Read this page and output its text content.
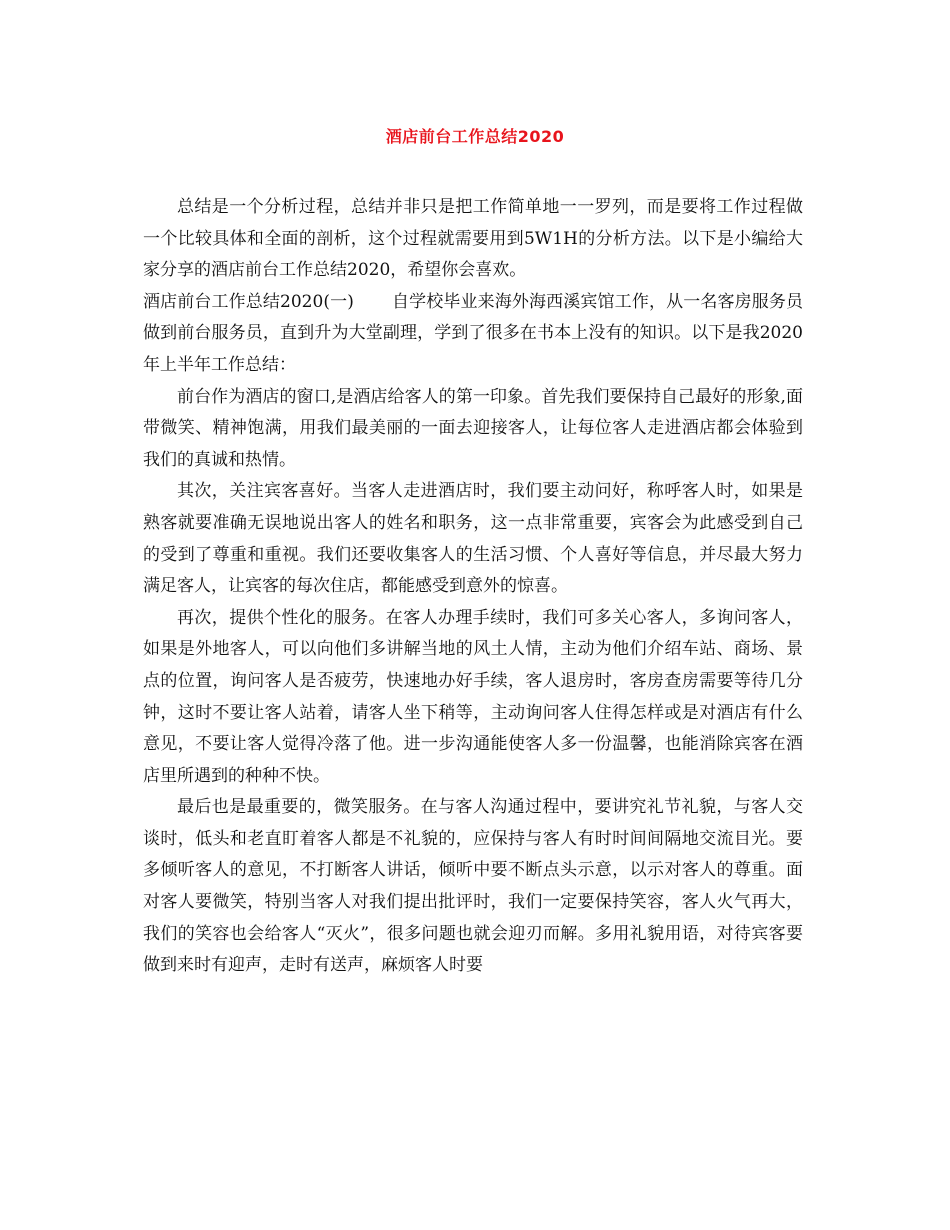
酒店前台工作总结2020

总结是一个分析过程，总结并非只是把工作简单地一一罗列，而是要将工作过程做一个比较具体和全面的剖析，这个过程就需要用到5W1H的分析方法。以下是小编给大家分享的酒店前台工作总结2020，希望你会喜欢。

酒店前台工作总结2020(一) 自学校毕业来海外海西溪宾馆工作，从一名客房服务员做到前台服务员，直到升为大堂副理，学到了很多在书本上没有的知识。以下是我2020年上半年工作总结：

前台作为酒店的窗口,是酒店给客人的第一印象。首先我们要保持自己最好的形象,面带微笑、精神饱满，用我们最美丽的一面去迎接客人，让每位客人走进酒店都会体验到我们的真诚和热情。

其次，关注宾客喜好。当客人走进酒店时，我们要主动问好，称呼客人时，如果是熟客就要准确无误地说出客人的姓名和职务，这一点非常重要，宾客会为此感受到自己的受到了尊重和重视。我们还要收集客人的生活习惯、个人喜好等信息，并尽最大努力满足客人，让宾客的每次住店，都能感受到意外的惊喜。

再次，提供个性化的服务。在客人办理手续时，我们可多关心客人，多询问客人，如果是外地客人，可以向他们多讲解当地的风土人情，主动为他们介绍车站、商场、景点的位置，询问客人是否疲劳，快速地办好手续，客人退房时，客房查房需要等待几分钟，这时不要让客人站着，请客人坐下稍等，主动询问客人住得怎样或是对酒店有什么意见，不要让客人觉得冷落了他。进一步沟通能使客人多一份温馨，也能消除宾客在酒店里所遇到的种种不快。

最后也是最重要的，微笑服务。在与客人沟通过程中，要讲究礼节礼貌，与客人交谈时，低头和老直盯着客人都是不礼貌的，应保持与客人有时时间间隔地交流目光。要多倾听客人的意见，不打断客人讲话，倾听中要不断点头示意，以示对客人的尊重。面对客人要微笑，特别当客人对我们提出批评时，我们一定要保持笑容，客人火气再大，我们的笑容也会给客人“灭火”，很多问题也就会迎刃而解。多用礼貌用语，对待宾客要做到来时有迎声，走时有送声，麻烦客人时要
